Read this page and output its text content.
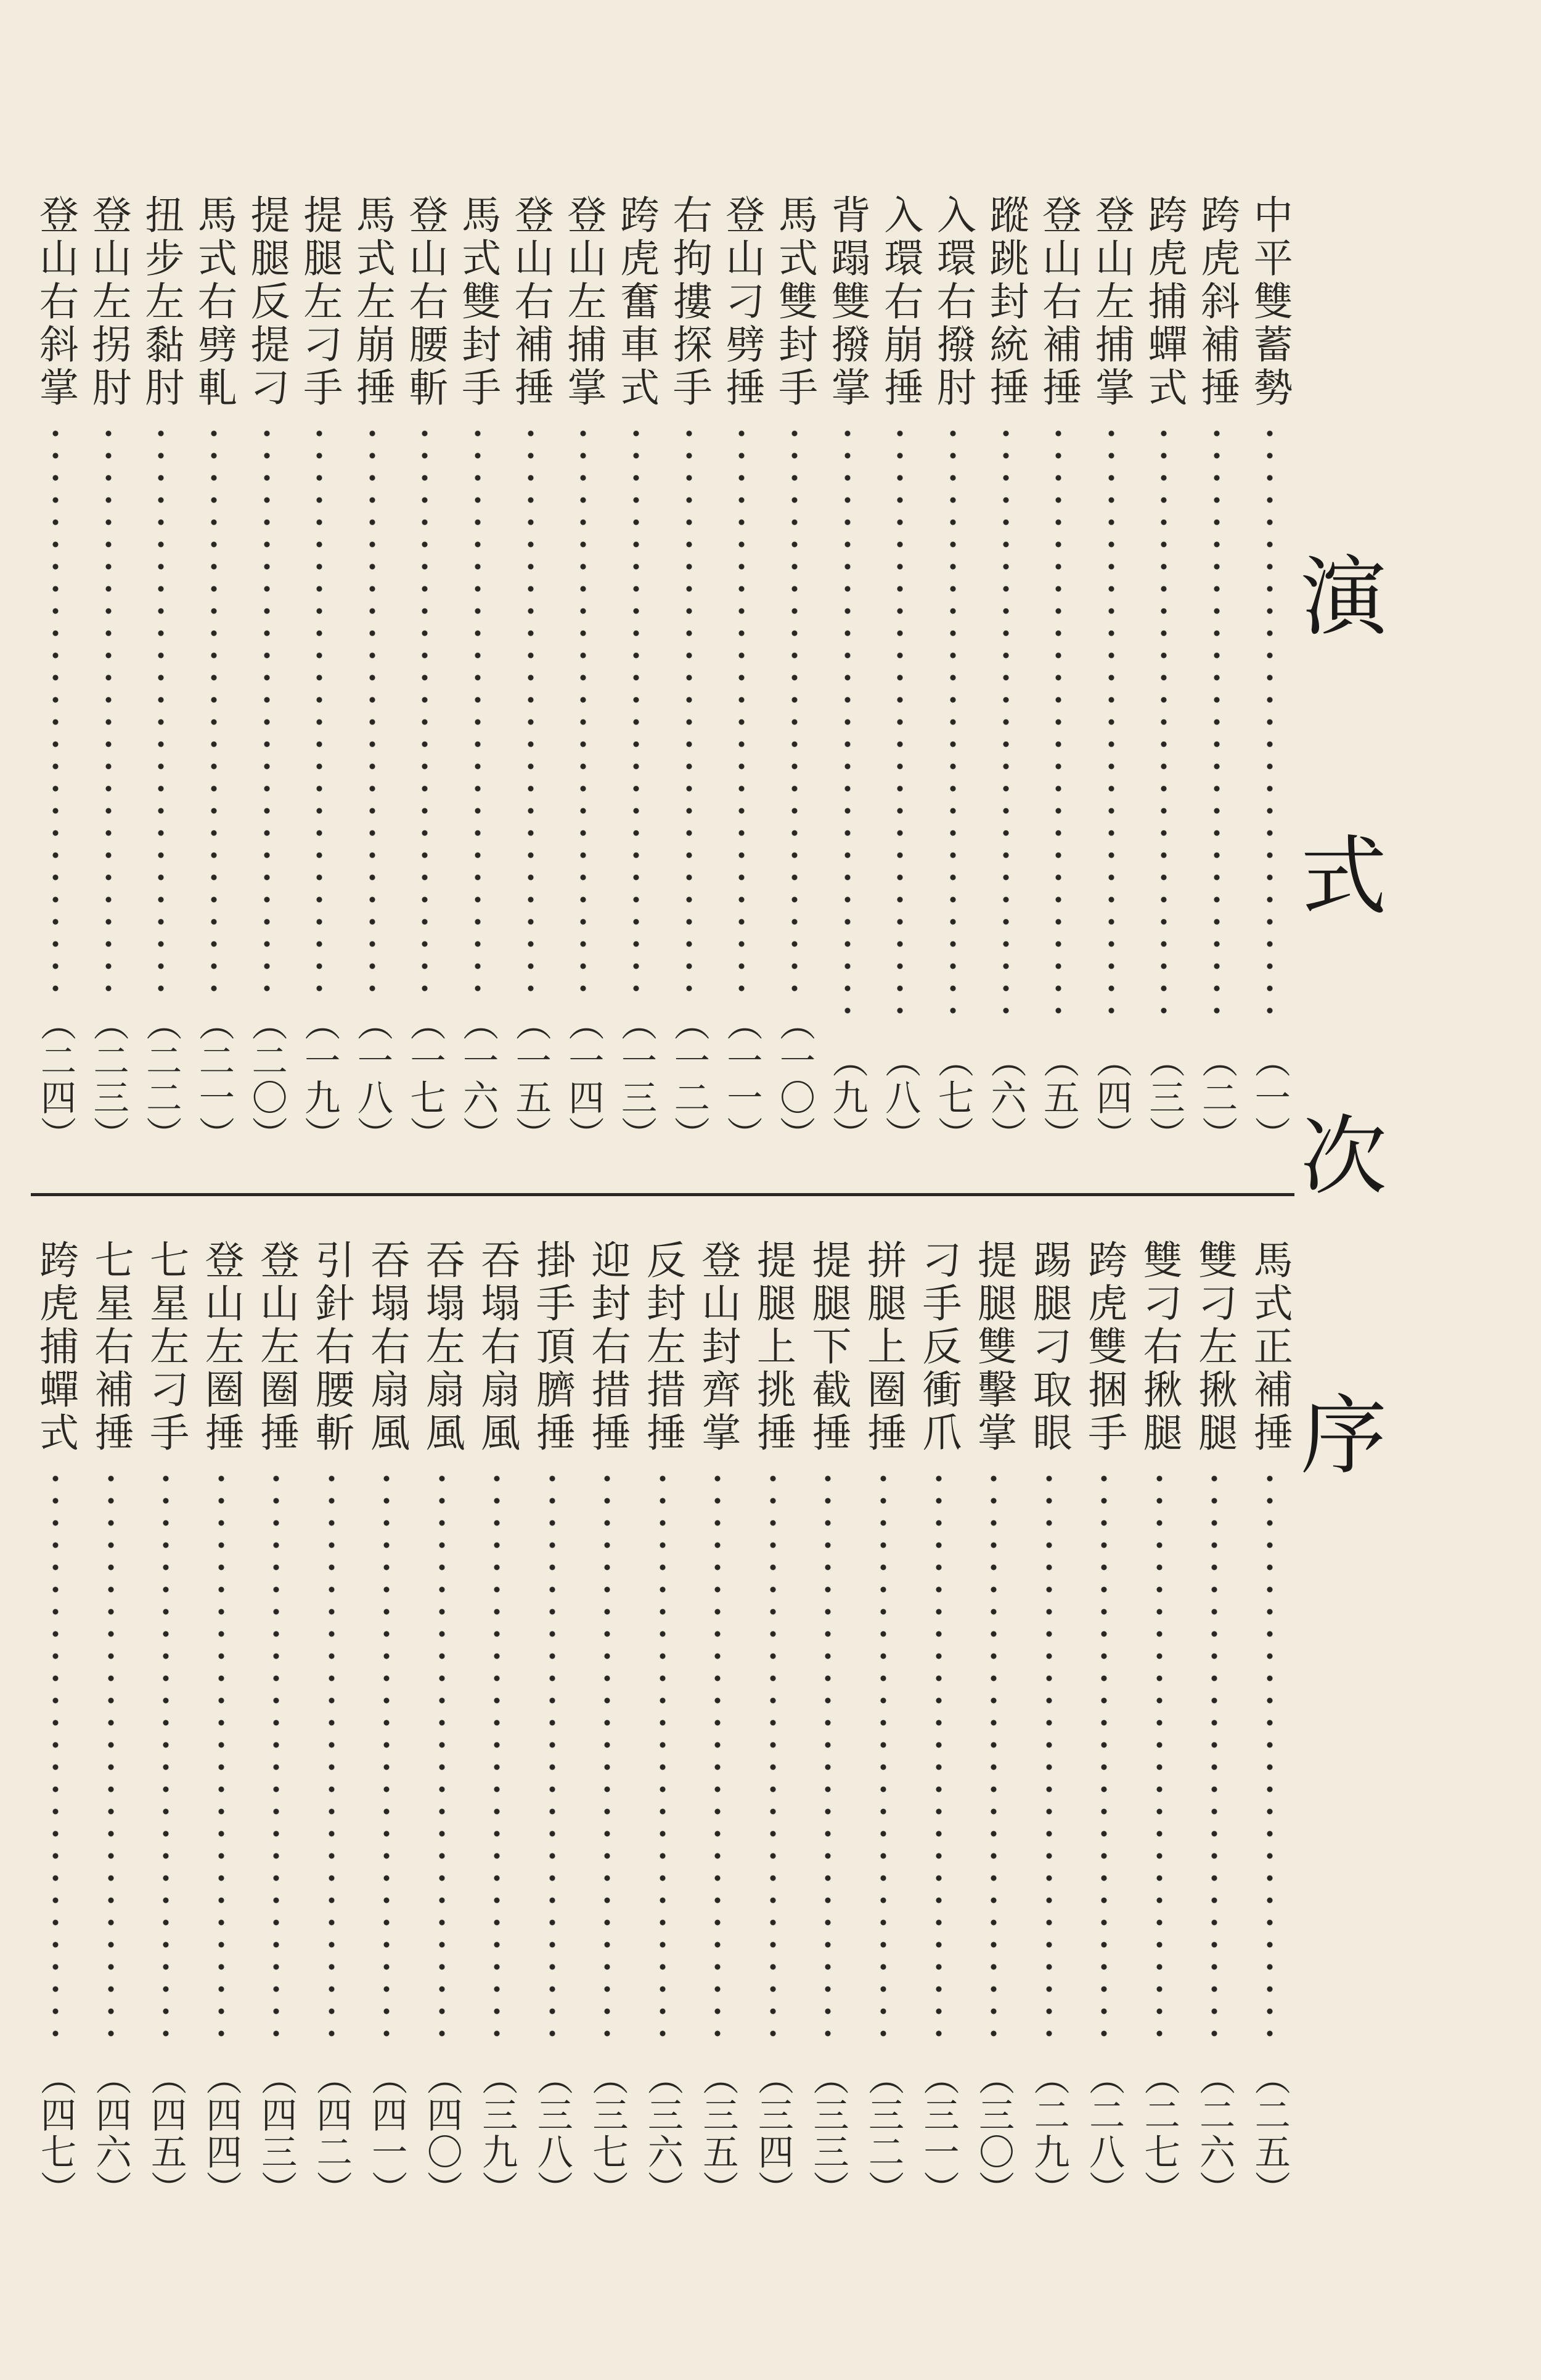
演
式
次
序
中平雙蓄勢
（一）
跨虎斜補捶
（二）
跨虎捕蟬式
（三）
登山左捕掌
（四）
登山右補捶
（五）
蹤跳封統捶
（六）
入環右撥肘
（七）
入環右崩捶
（八）
背蹋雙撥掌
（九）
馬式雙封手
（一〇）
登山刁劈捶
（一一）
右拘摟探手
（一二）
跨虎奮車式
（一三）
登山左捕掌
（一四）
登山右補捶
（一五）
馬式雙封手
（一六）
登山右腰斬
（一七）
馬式左崩捶
（一八）
提腿左刁手
（一九）
提腿反提刁
（二〇）
馬式右劈軋
（二一）
扭步左黏肘
（二二）
登山左拐肘
（二三）
登山右斜掌
（二四）
馬式正補捶
（二五）
雙刁左揪腿
（二六）
雙刁右揪腿
（二七）
跨虎雙捆手
（二八）
踢腿刁取眼
（二九）
提腿雙擊掌
（三〇）
刁手反衝爪
（三一）
拼腿上圈捶
（三二）
提腿下截捶
（三三）
提腿上挑捶
（三四）
登山封齊掌
（三五）
反封左措捶
（三六）
迎封右措捶
（三七）
掛手頂臍捶
（三八）
吞塌右扇風
（三九）
吞塌左扇風
（四〇）
吞塌右扇風
（四一）
引針右腰斬
（四二）
登山左圈捶
（四三）
登山左圈捶
（四四）
七星左刁手
（四五）
七星右補捶
（四六）
跨虎捕蟬式
（四七）
